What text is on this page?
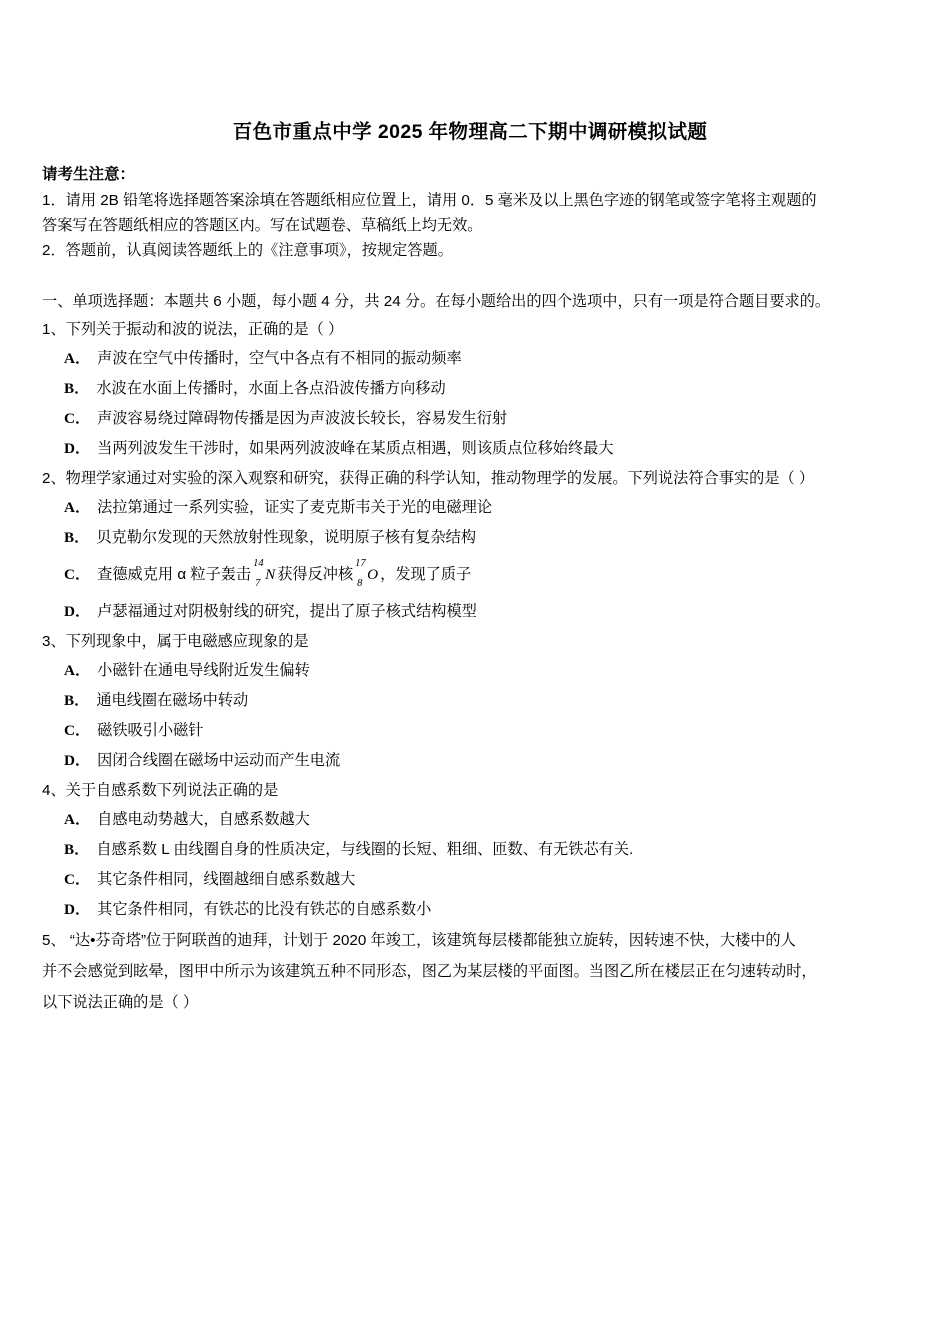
百色市重点中学 2025 年物理高二下期中调研模拟试题
请考生注意：
1．请用 2B 铅笔将选择题答案涂填在答题纸相应位置上，请用 0．5 毫米及以上黑色字迹的钢笔或签字笔将主观题的
答案写在答题纸相应的答题区内。写在试题卷、草稿纸上均无效。
2．答题前，认真阅读答题纸上的《注意事项》，按规定答题。
一、单项选择题：本题共 6 小题，每小题 4 分，共 24 分。在每小题给出的四个选项中，只有一项是符合题目要求的。
1、下列关于振动和波的说法，正确的是（ ）
A． 声波在空气中传播时，空气中各点有不相同的振动频率
B． 水波在水面上传播时，水面上各点沿波传播方向移动
C． 声波容易绕过障碍物传播是因为声波波长较长，容易发生衍射
D． 当两列波发生干涉时，如果两列波波峰在某质点相遇，则该质点位移始终最大
2、物理学家通过对实验的深入观察和研究，获得正确的科学认知，推动物理学的发展。下列说法符合事实的是（ ）
A． 法拉第通过一系列实验，证实了麦克斯韦关于光的电磁理论
B． 贝克勒尔发现的天然放射性现象，说明原子核有复杂结构
C． 查德威克用 α 粒子轰击
14
7
N 获得反冲核
17
8
O ，发现了质子
D． 卢瑟福通过对阴极射线的研究，提出了原子核式结构模型
3、下列现象中，属于电磁感应现象的是
A． 小磁针在通电导线附近发生偏转
B． 通电线圈在磁场中转动
C． 磁铁吸引小磁针
D． 因闭合线圈在磁场中运动而产生电流
4、关于自感系数下列说法正确的是
A． 自感电动势越大，自感系数越大
B． 自感系数 L 由线圈自身的性质决定，与线圈的长短、粗细、匝数、有无铁芯有关.
C． 其它条件相同，线圈越细自感系数越大
D． 其它条件相同，有铁芯的比没有铁芯的自感系数小
5、 “达•芬奇塔”位于阿联酋的迪拜，计划于 2020 年竣工，该建筑每层楼都能独立旋转，因转速不快，大楼中的人
并不会感觉到眩晕，图甲中所示为该建筑五种不同形态，图乙为某层楼的平面图。当图乙所在楼层正在匀速转动时，
以下说法正确的是（ ）
